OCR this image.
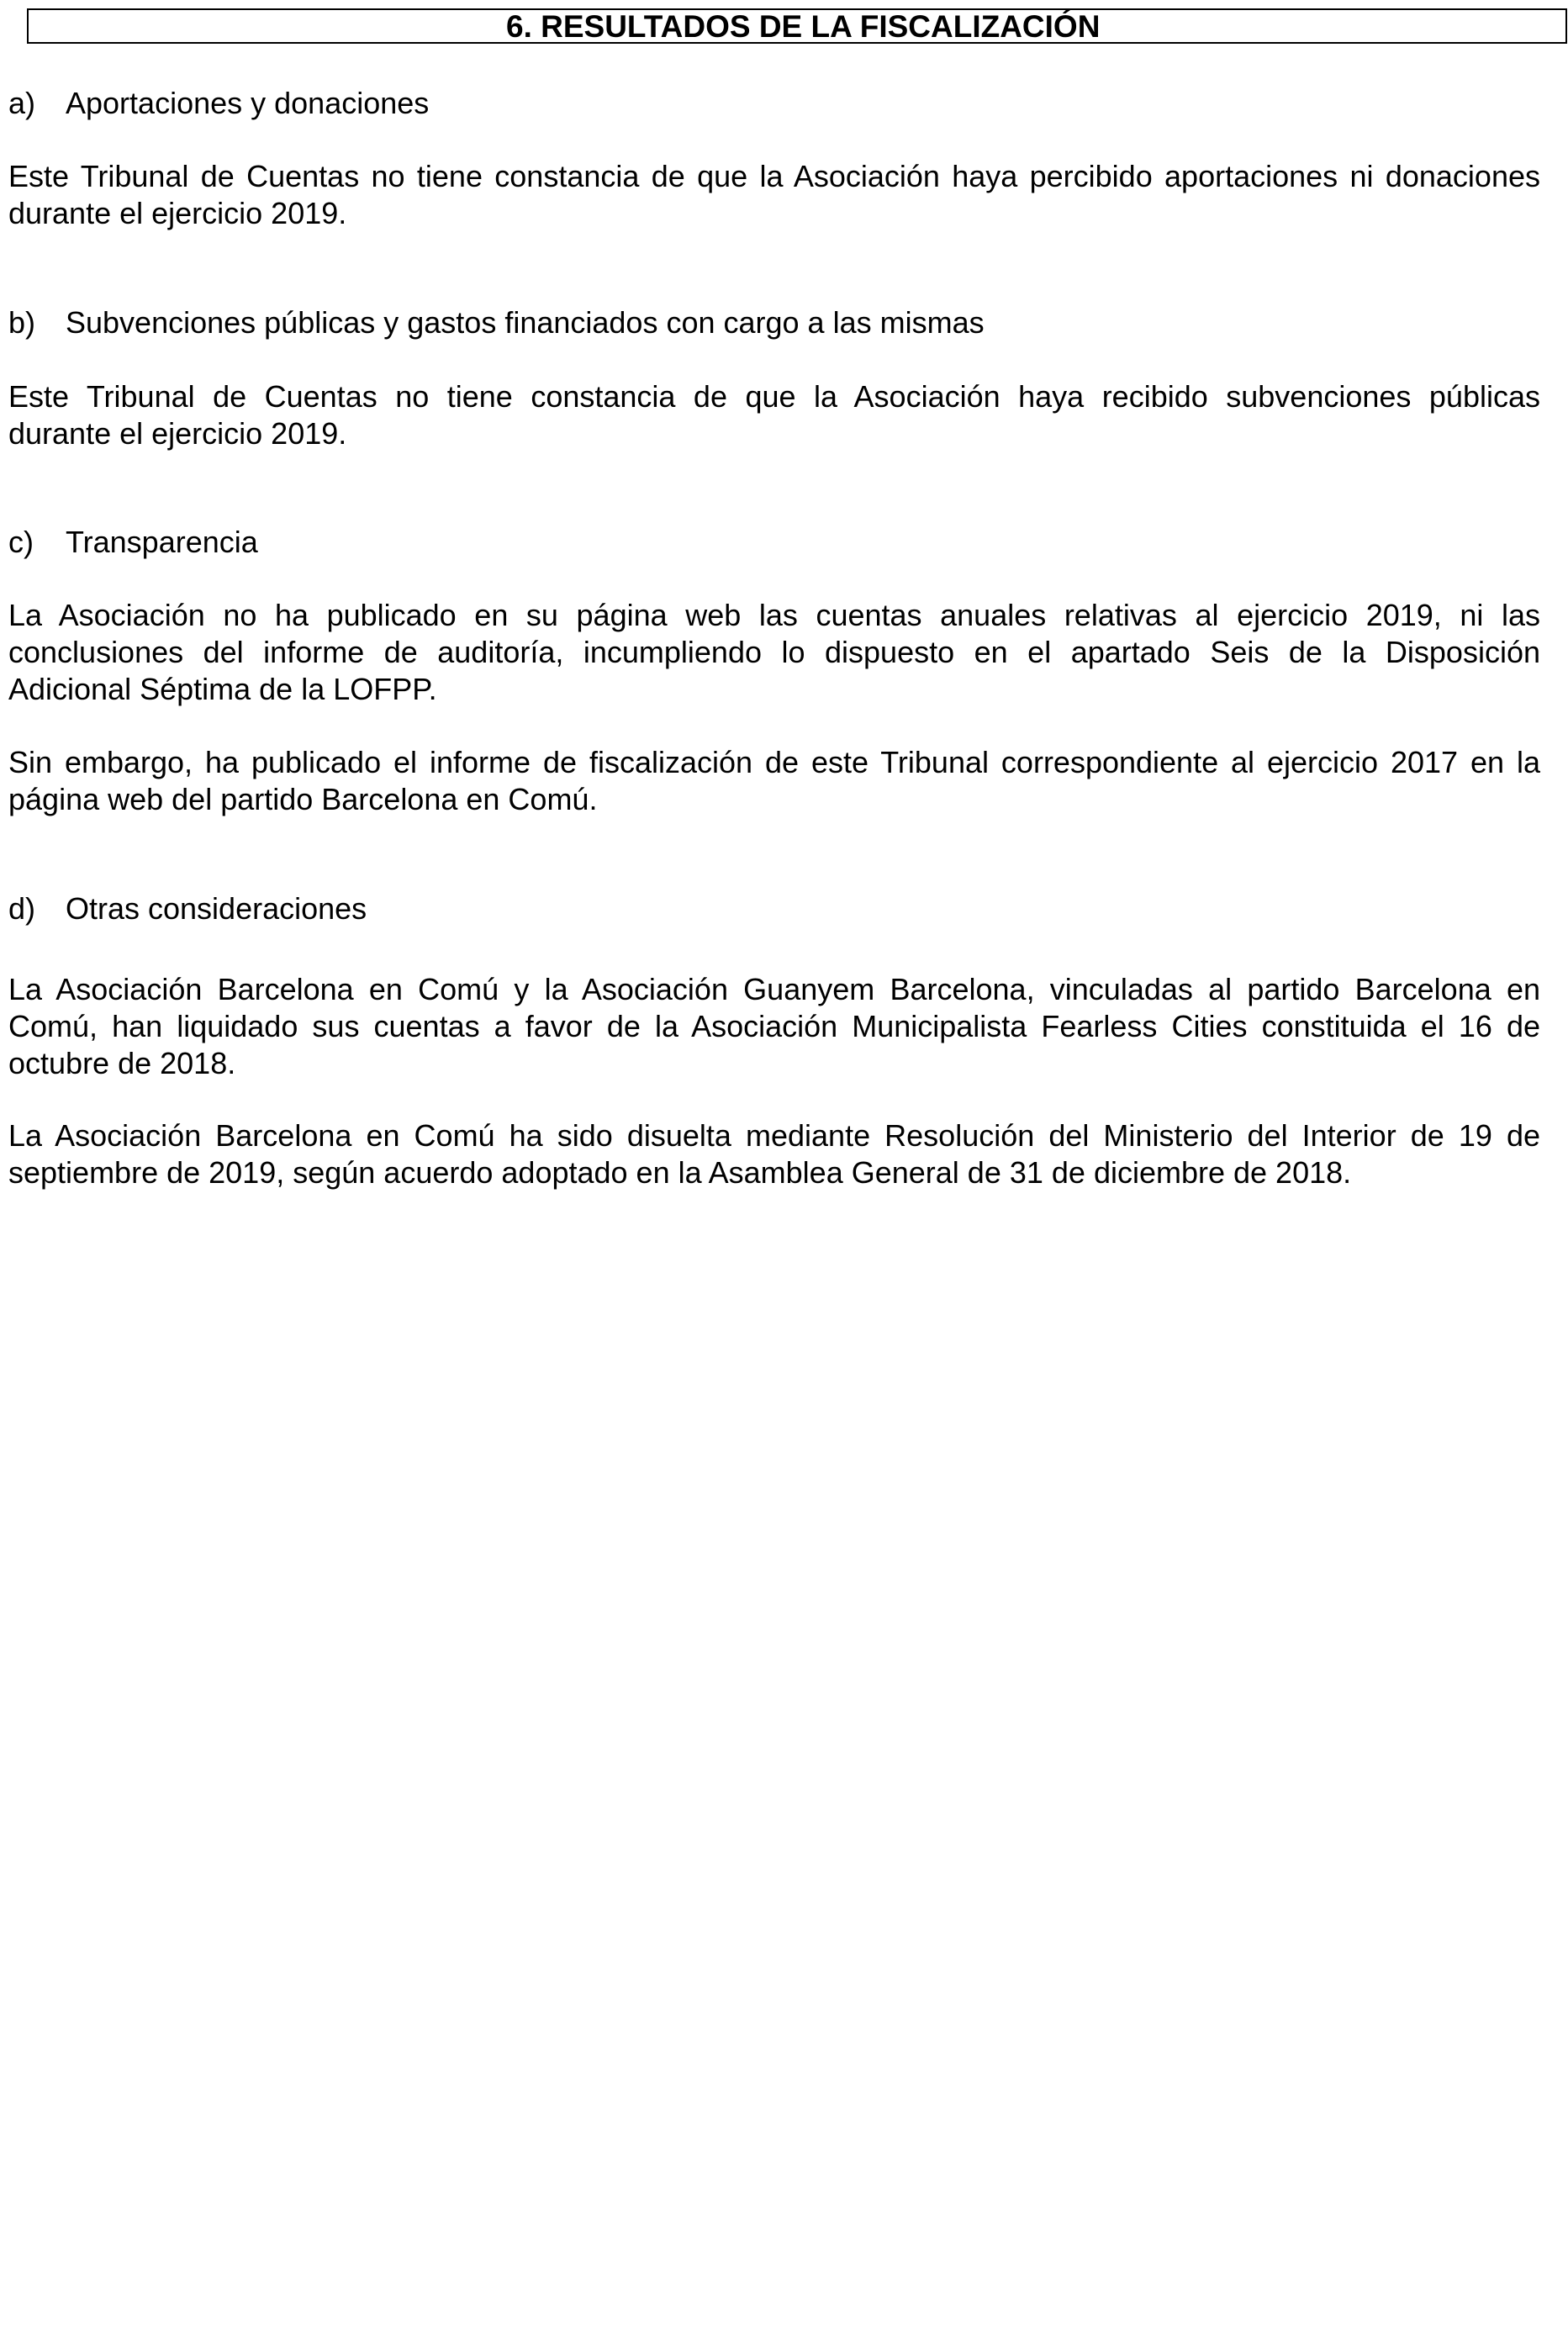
6. RESULTADOS DE LA FISCALIZACIÓN
a) Aportaciones y donaciones
Este Tribunal de Cuentas no tiene constancia de que la Asociación haya percibido aportaciones ni donaciones
durante el ejercicio 2019.
b) Subvenciones públicas y gastos financiados con cargo a las mismas
Este Tribunal de Cuentas no tiene constancia de que la Asociación haya recibido subvenciones públicas
durante el ejercicio 2019.
c) Transparencia
La Asociación no ha publicado en su página web las cuentas anuales relativas al ejercicio 2019, ni las
conclusiones del informe de auditoría, incumpliendo lo dispuesto en el apartado Seis de la Disposición
Adicional Séptima de la LOFPP.
Sin embargo, ha publicado el informe de fiscalización de este Tribunal correspondiente al ejercicio 2017 en la
página web del partido Barcelona en Comú.
d) Otras consideraciones
La Asociación Barcelona en Comú y la Asociación Guanyem Barcelona, vinculadas al partido Barcelona en
Comú, han liquidado sus cuentas a favor de la Asociación Municipalista Fearless Cities constituida el 16 de
octubre de 2018.
La Asociación Barcelona en Comú ha sido disuelta mediante Resolución del Ministerio del Interior de 19 de
septiembre de 2019, según acuerdo adoptado en la Asamblea General de 31 de diciembre de 2018.
